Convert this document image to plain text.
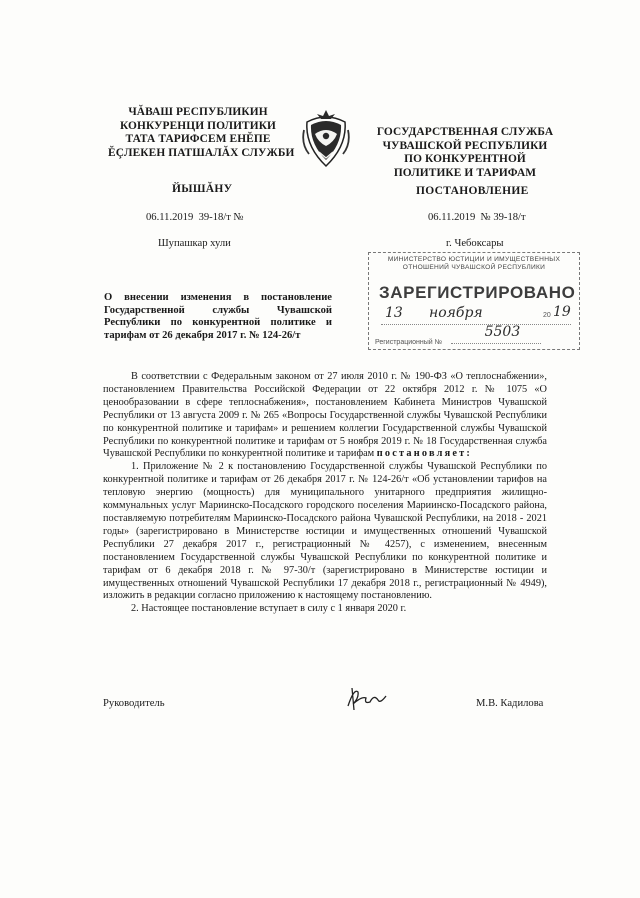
ЧĂВАШ РЕСПУБЛИКИН
КОНКУРЕНЦИ ПОЛИТИКИ
ТАТА ТАРИФСЕМ ЕНĔПЕ
ĔÇЛЕКЕН ПАТШАЛĂХ СЛУЖБИ
ГОСУДАРСТВЕННАЯ СЛУЖБА
ЧУВАШСКОЙ РЕСПУБЛИКИ
ПО КОНКУРЕНТНОЙ
ПОЛИТИКЕ И ТАРИФАМ
ЙЫШĂНУ	ПОСТАНОВЛЕНИЕ
06.11.2019  39-18/т №	06.11.2019  № 39-18/т
Шупашкар хули	г. Чебоксары
МИНИСТЕРСТВО ЮСТИЦИИ И ИМУЩЕСТВЕННЫХ
ОТНОШЕНИЙ ЧУВАШСКОЙ РЕСПУБЛИКИ
ЗАРЕГИСТРИРОВАНО
13 ноября	20 19
Регистрационный №
5503
О внесении изменения в постановление Государственной службы Чувашской Республики по конкурентной политике и тарифам от 26 декабря 2017 г. № 124-26/т

В соответствии с Федеральным законом от 27 июля 2010 г. № 190-ФЗ «О теплоснабжении», постановлением Правительства Российской Федерации от 22 октября 2012 г. № 1075 «О ценообразовании в сфере теплоснабжения», постановлением Кабинета Министров Чувашской Республики от 13 августа 2009 г. № 265 «Вопросы Государственной службы Чувашской Республики по конкурентной политике и тарифам» и решением коллегии Государственной службы Чувашской Республики по конкурентной политике и тарифам от 5 ноября 2019 г. № 18 Государственная служба Чувашской Республики по конкурентной политике и тарифам постановляет:

1. Приложение № 2 к постановлению Государственной службы Чувашской Республики по конкурентной политике и тарифам от 26 декабря 2017 г. № 124-26/т «Об установлении тарифов на тепловую энергию (мощность) для муниципального унитарного предприятия жилищно-коммунальных услуг Мариинско-Посадского городского поселения Мариинско-Посадского района, поставляемую потребителям Мариинско-Посадского района Чувашской Республики, на 2018 - 2021 годы» (зарегистрировано в Министерстве юстиции и имущественных отношений Чувашской Республики 27 декабря 2017 г., регистрационный № 4257), с изменением, внесенным постановлением Государственной службы Чувашской Республики по конкурентной политике и тарифам от 6 декабря 2018 г. № 97-30/т (зарегистрировано в Министерстве юстиции и имущественных отношений Чувашской Республики 17 декабря 2018 г., регистрационный № 4949), изложить в редакции согласно приложению к настоящему постановлению.

2. Настоящее постановление вступает в силу с 1 января 2020 г.

Руководитель	М.В. Кадилова
